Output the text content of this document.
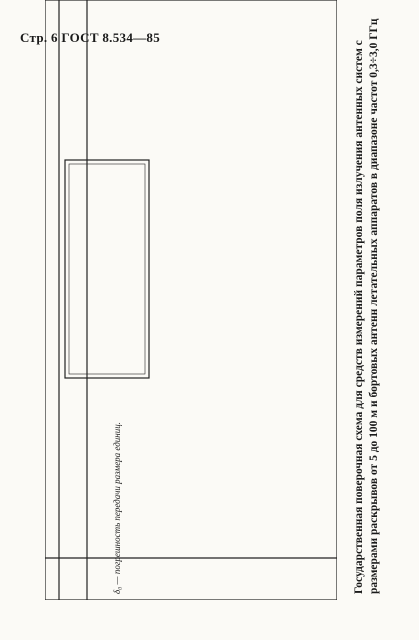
Стр. 6 ГОСТ 8.534—85
Государственная поверочная схема для средств измерений параметров поля излучения антенных систем с размерами раскрывов от 5 до 100 м и бортовых антенн летательных аппаратов в диапазоне частот 0,3÷3,0 ГГц
δ₀ — погрешность передачи размера единиц.
